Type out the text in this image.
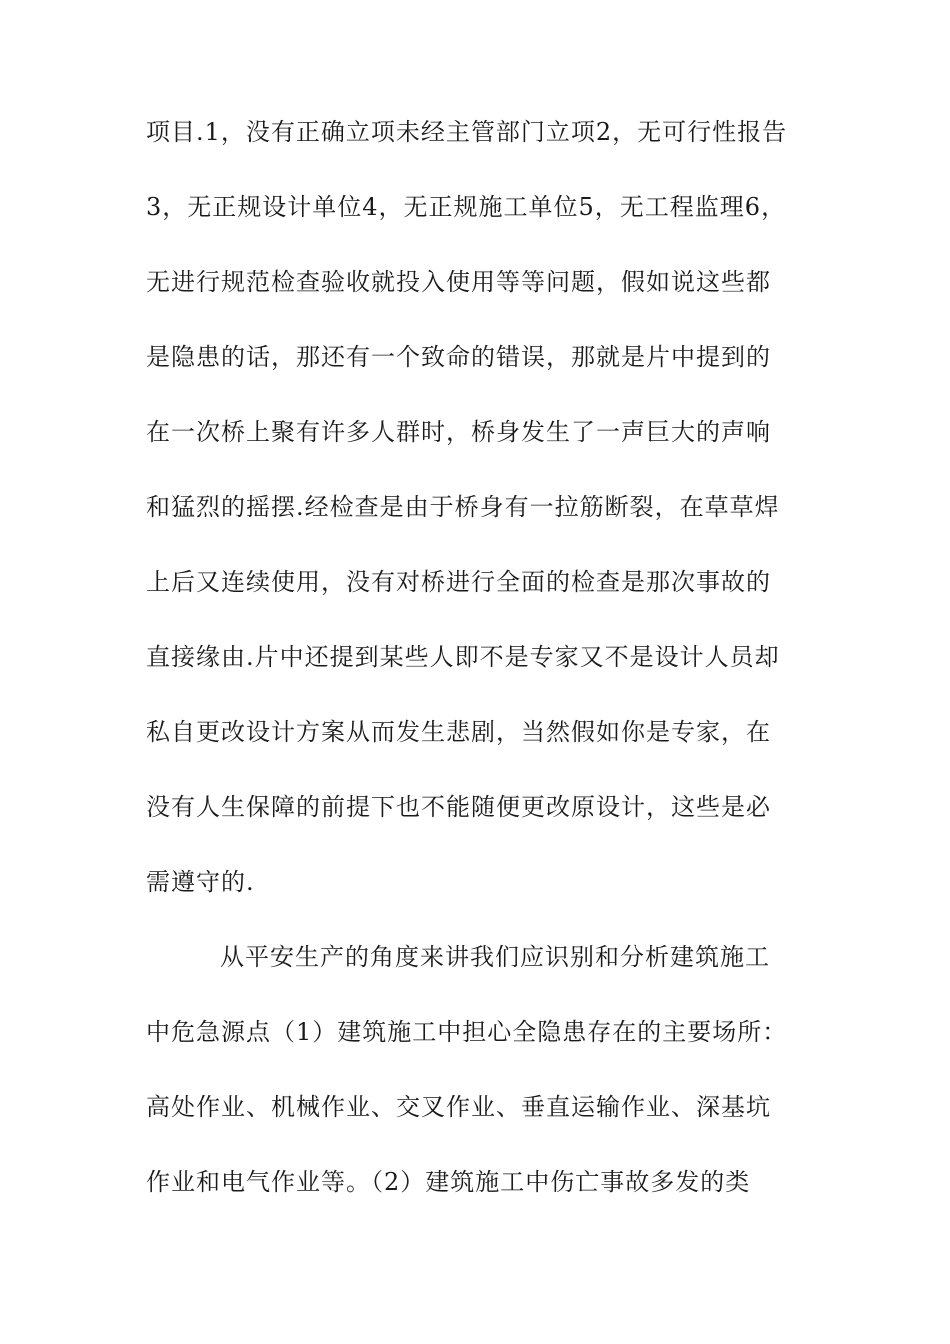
项目.1，没有正确立项未经主管部门立项2，无可行性报告
3，无正规设计单位4，无正规施工单位5，无工程监理6，
无进行规范检查验收就投入使用等等问题，假如说这些都
是隐患的话，那还有一个致命的错误，那就是片中提到的
在一次桥上聚有许多人群时，桥身发生了一声巨大的声响
和猛烈的摇摆.经检查是由于桥身有一拉筋断裂，在草草焊
上后又连续使用，没有对桥进行全面的检查是那次事故的
直接缘由.片中还提到某些人即不是专家又不是设计人员却
私自更改设计方案从而发生悲剧，当然假如你是专家，在
没有人生保障的前提下也不能随便更改原设计，这些是必
需遵守的.
从平安生产的角度来讲我们应识别和分析建筑施工
中危急源点（1）建筑施工中担心全隐患存在的主要场所：
高处作业、机械作业、交叉作业、垂直运输作业、深基坑
作业和电气作业等。（2）建筑施工中伤亡事故多发的类
